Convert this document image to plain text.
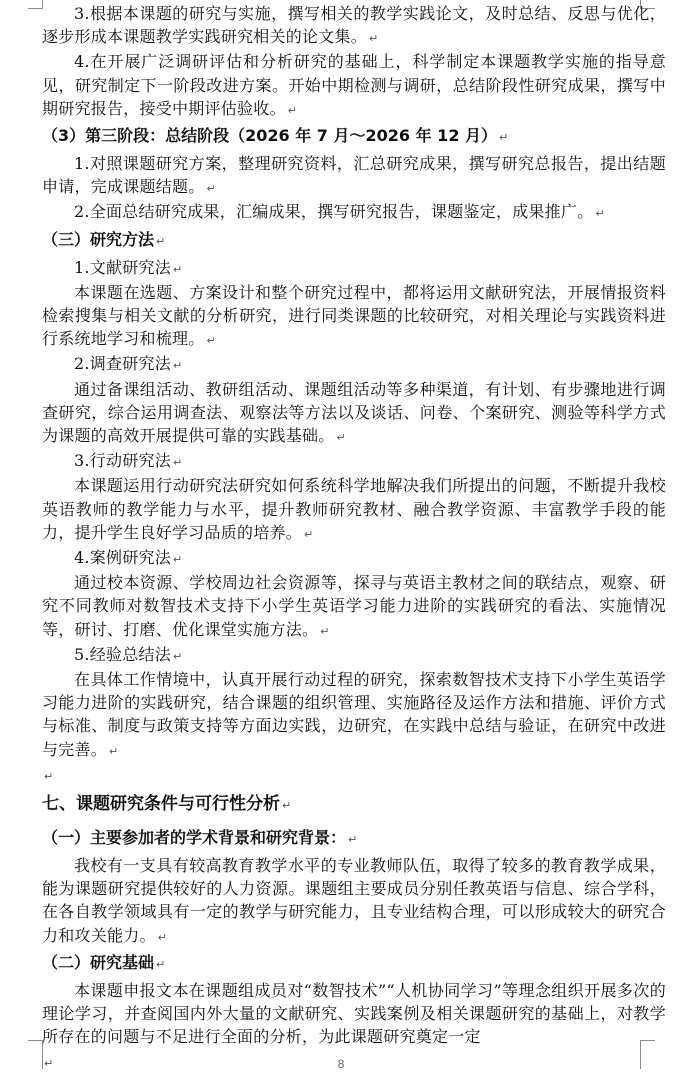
3.根据本课题的研究与实施，撰写相关的教学实践论文，及时总结、反思与优化，逐步形成本课题教学实践研究相关的论文集。 ↵

4.在开展广泛调研评估和分析研究的基础上，科学制定本课题教学实施的指导意见，研究制定下一阶段改进方案。开始中期检测与调研，总结阶段性研究成果，撰写中期研究报告，接受中期评估验收。 ↵

（3）第三阶段：总结阶段（2026 年 7 月～2026 年 12 月） ↵

1.对照课题研究方案，整理研究资料，汇总研究成果，撰写研究总报告，提出结题申请，完成课题结题。 ↵

2.全面总结研究成果，汇编成果，撰写研究报告，课题鉴定，成果推广。 ↵

（三）研究方法 ↵

1.文献研究法 ↵

本课题在选题、方案设计和整个研究过程中，都将运用文献研究法，开展情报资料检索搜集与相关文献的分析研究，进行同类课题的比较研究，对相关理论与实践资料进行系统地学习和梳理。 ↵

2.调查研究法 ↵

通过备课组活动、教研组活动、课题组活动等多种渠道，有计划、有步骤地进行调查研究，综合运用调查法、观察法等方法以及谈话、问卷、个案研究、测验等科学方式为课题的高效开展提供可靠的实践基础。 ↵

3.行动研究法 ↵

本课题运用行动研究法研究如何系统科学地解决我们所提出的问题，不断提升我校英语教师的教学能力与水平，提升教师研究教材、融合教学资源、丰富教学手段的能力，提升学生良好学习品质的培养。 ↵

4.案例研究法 ↵

通过校本资源、学校周边社会资源等，探寻与英语主教材之间的联结点，观察、研究不同教师对数智技术支持下小学生英语学习能力进阶的实践研究的看法、实施情况等，研讨、打磨、优化课堂实施方法。 ↵

5.经验总结法 ↵

在具体工作情境中，认真开展行动过程的研究，探索数智技术支持下小学生英语学习能力进阶的实践研究，结合课题的组织管理、实施路径及运作方法和措施、评价方式与标准、制度与政策支持等方面边实践，边研究，在实践中总结与验证，在研究中改进与完善。 ↵

↵

七、课题研究条件与可行性分析 ↵

（一）主要参加者的学术背景和研究背景： ↵

我校有一支具有较高教育教学水平的专业教师队伍，取得了较多的教育教学成果，能为课题研究提供较好的人力资源。课题组主要成员分别任教英语与信息、综合学科，在各自教学领域具有一定的教学与研究能力，且专业结构合理，可以形成较大的研究合力和攻关能力。 ↵

（二）研究基础 ↵

本课题申报文本在课题组成员对“数智技术”“人机协同学习”等理念组织开展多次的理论学习，并查阅国内外大量的文献研究、实践案例及相关课题研究的基础上，对教学所存在的问题与不足进行全面的分析，为此课题研究奠定一定

↵	8
